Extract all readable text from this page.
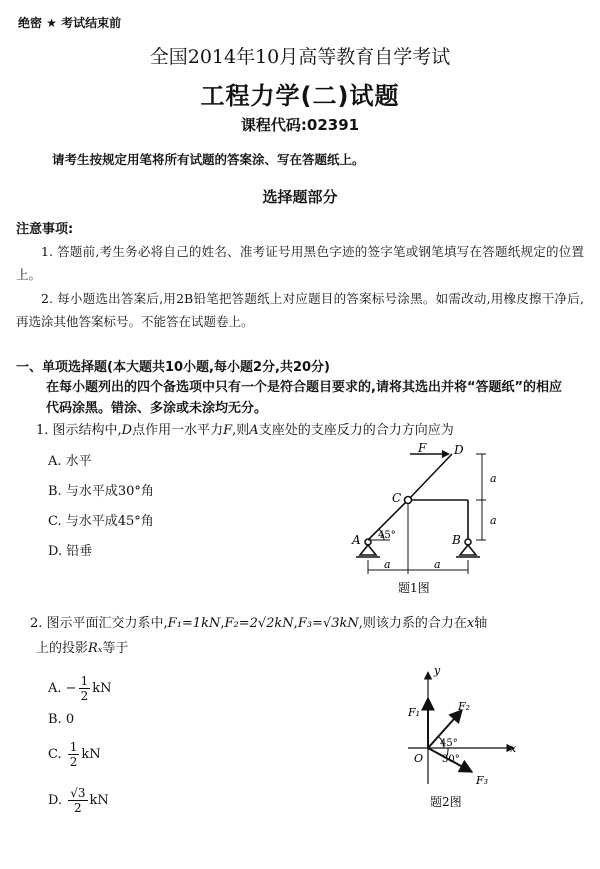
绝密 ★ 考试结束前
全国2014年10月高等教育自学考试
工程力学(二)试题
课程代码:02391
请考生按规定用笔将所有试题的答案涂、写在答题纸上。
选择题部分
注意事项:
1. 答题前,考生务必将自己的姓名、准考证号用黑色字迹的签字笔或钢笔填写在答题纸规定的位置上。
2. 每小题选出答案后,用2B铅笔把答题纸上对应题目的答案标号涂黑。如需改动,用橡皮擦干净后,再选涂其他答案标号。不能答在试题卷上。
一、单项选择题(本大题共10小题,每小题2分,共20分)
在每小题列出的四个备选项中只有一个是符合题目要求的,请将其选出并将“答题纸”的相应代码涂黑。错涂、多涂或未涂均无分。
1. 图示结构中,D点作用一水平力F,则A支座处的支座反力的合力方向应为
A. 水平
B. 与水平成30°角
C. 与水平成45°角
D. 铅垂
F D
C
A	B
45°
a
a
a	a
题1图
2. 图示平面汇交力系中,F₁=1kN,F₂=2√2kN,F₃=√3kN,则该力系的合力在x轴
上的投影Rₓ等于
A. − $\frac{1}{2}$ kN
B. 0
C. $\frac{1}{2}$ kN
D. $\frac{√3}{2}$ kN
y
x
O
F₁	F₂
F₃
45°
30°
题2图
